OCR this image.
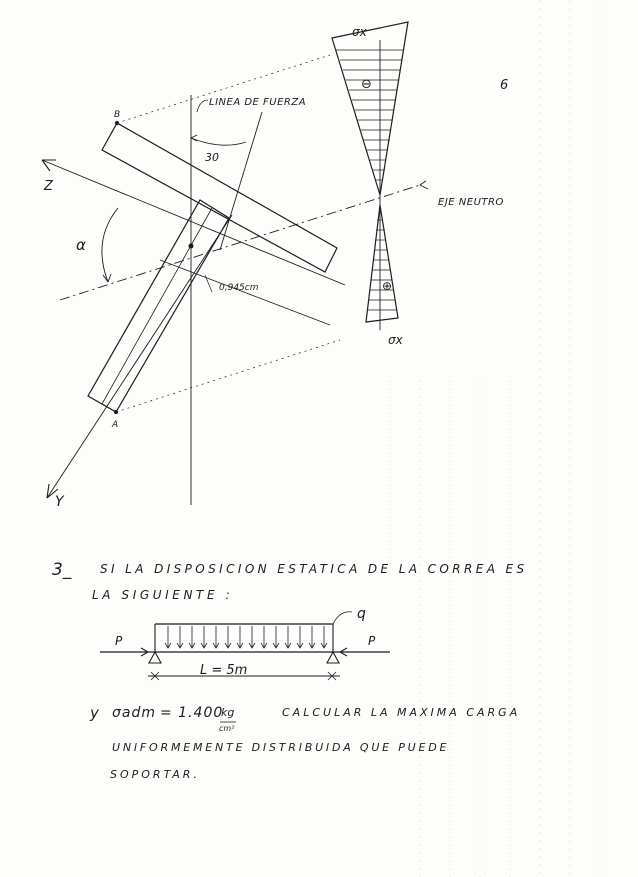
6
LINEA DE FUERZA
30
EJE NEUTRO
Z
Y
α
B
A
0,945cm
σx
σx
⊖
⊕
q
P	P
L = 5m
3_ SI LA DISPOSICION ESTATICA DE LA CORREA ES
LA SIGUIENTE :
y σadm = 1.400
kg
cm²
CALCULAR LA MAXIMA CARGA
UNIFORMEMENTE DISTRIBUIDA QUE PUEDE
SOPORTAR.
